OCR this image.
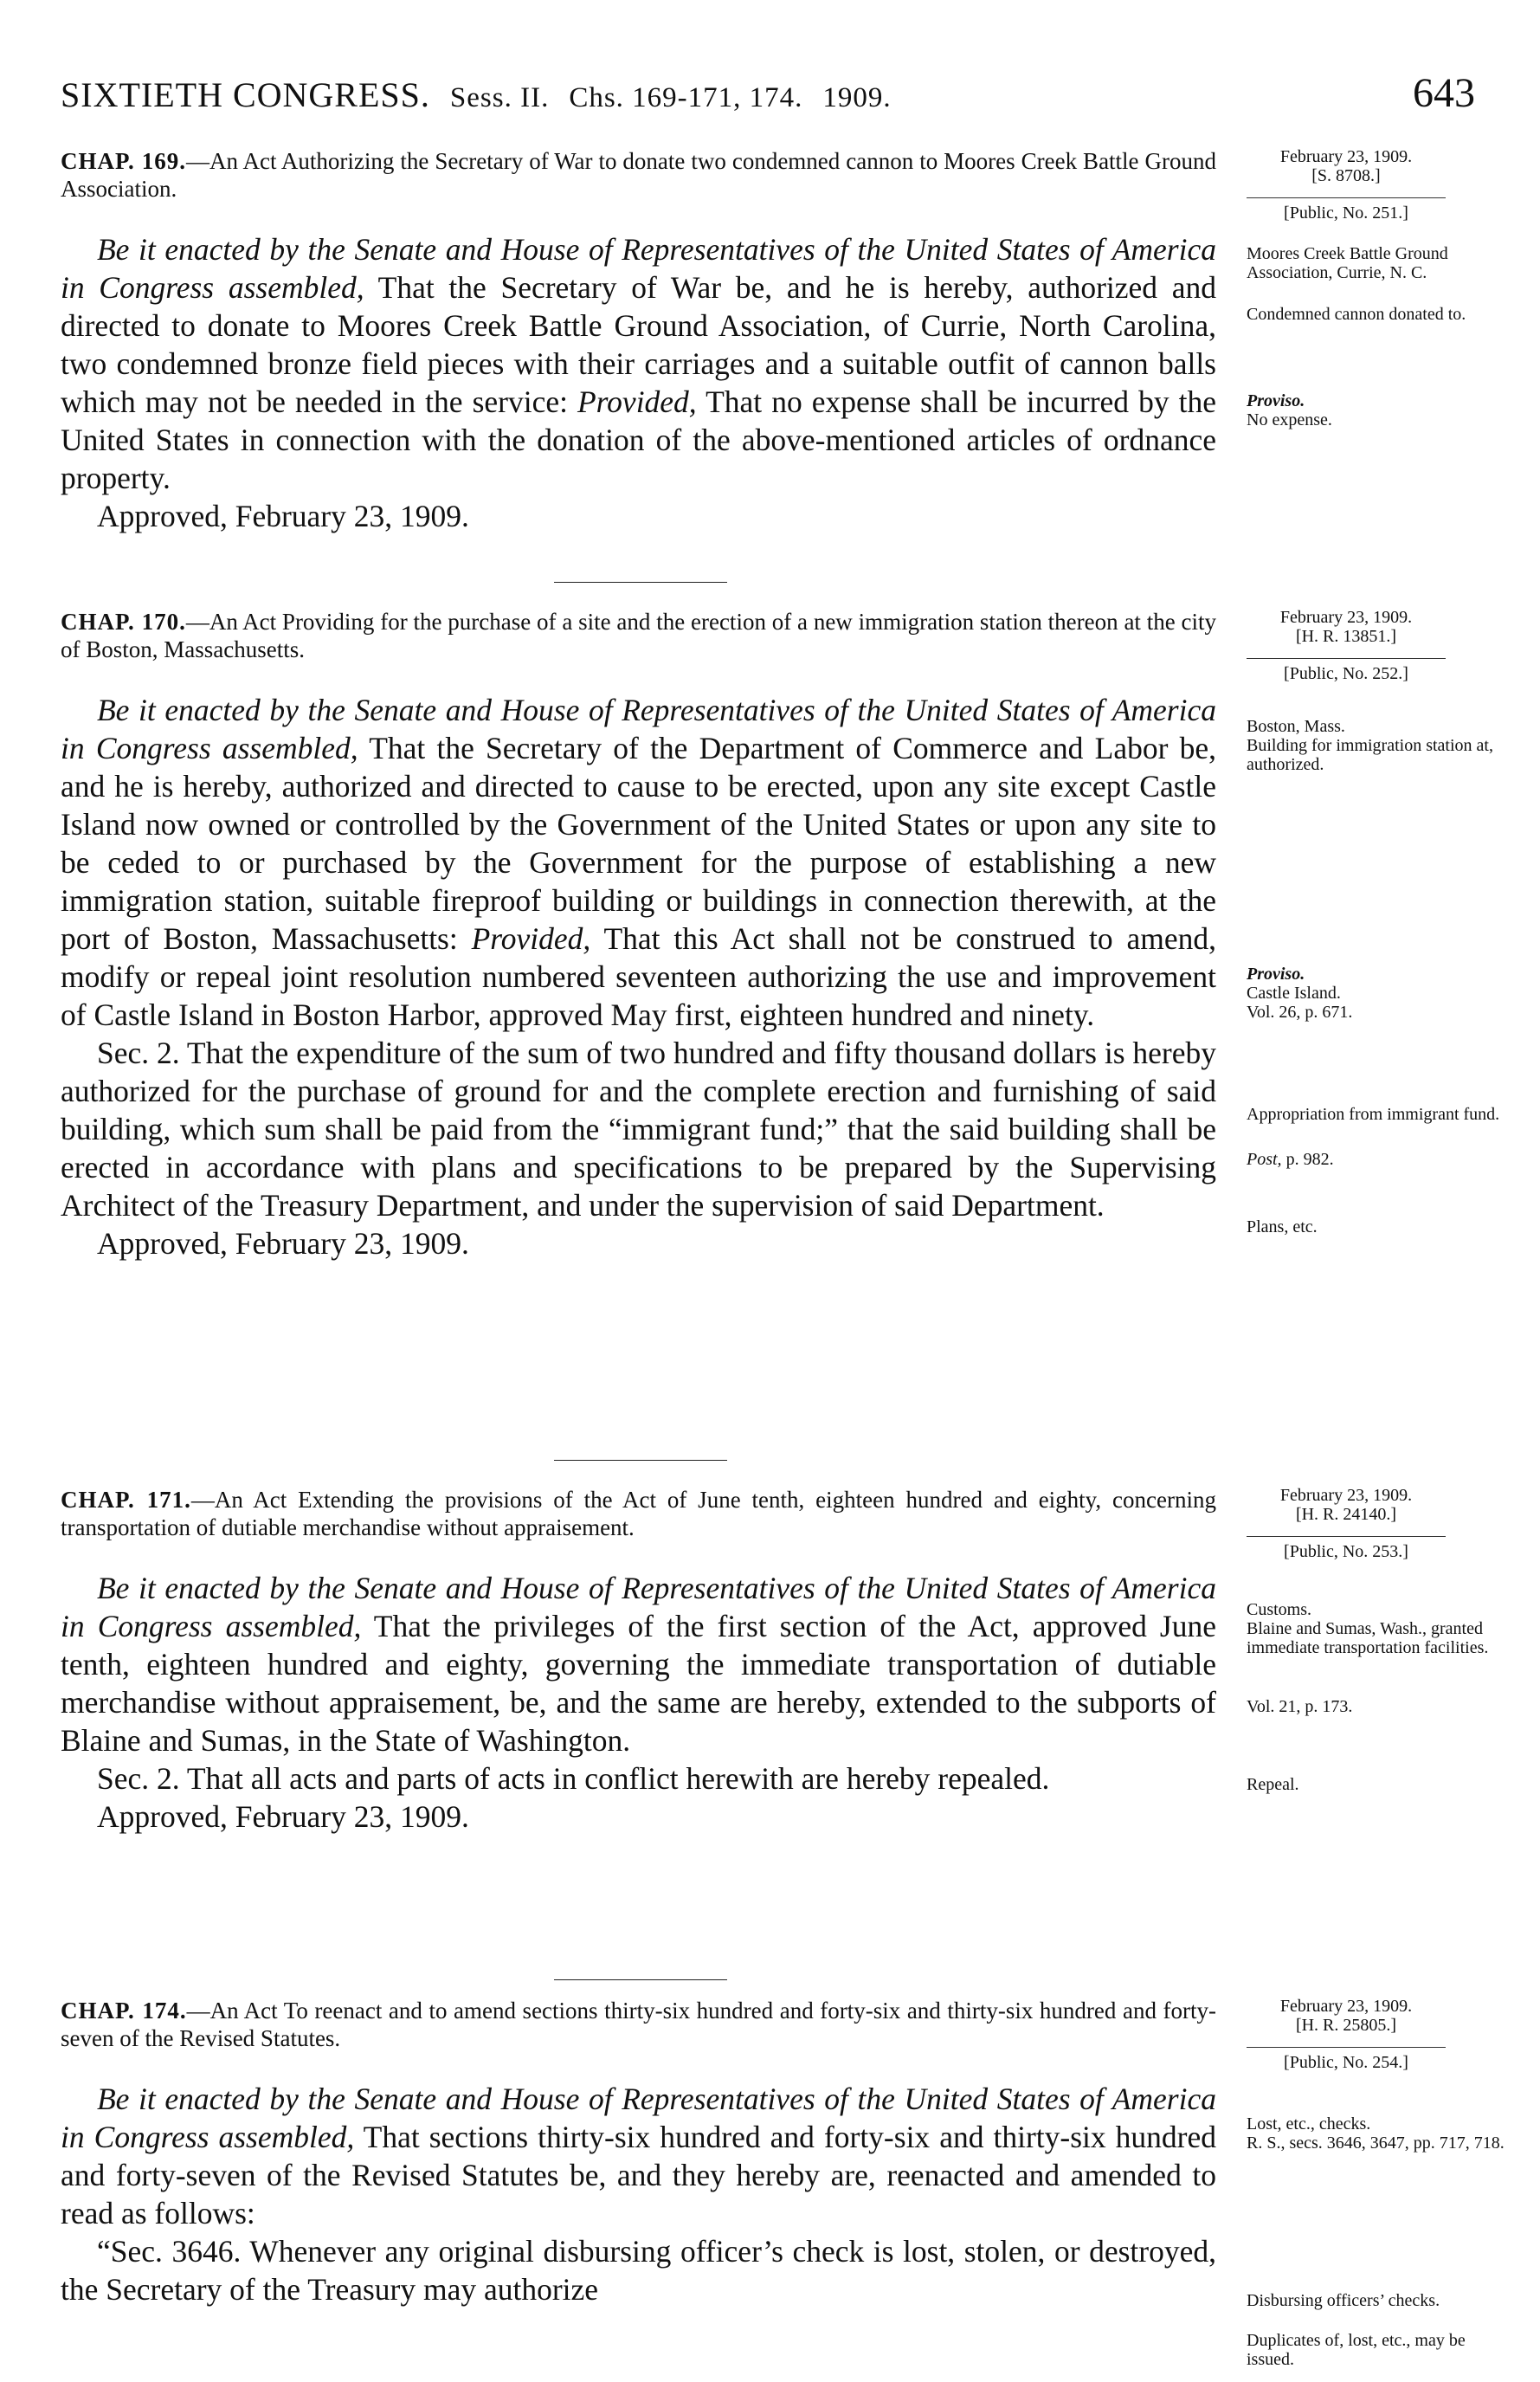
SIXTIETH CONGRESS. Sess. II. Chs. 169-171, 174. 1909.	643

CHAP. 169.—An Act Authorizing the Secretary of War to donate two condemned cannon to Moores Creek Battle Ground Association.

Be it enacted by the Senate and House of Representatives of the United States of America in Congress assembled, That the Secretary of War be, and he is hereby, authorized and directed to donate to Moores Creek Battle Ground Association, of Currie, North Carolina, two condemned bronze field pieces with their carriages and a suitable outfit of cannon balls which may not be needed in the service: Provided, That no expense shall be incurred by the United States in connection with the donation of the above-mentioned articles of ordnance property.

Approved, February 23, 1909.

February 23, 1909.
[S. 8708.]
[Public, No. 251.]
Moores Creek Battle Ground Association, Currie, N. C.
Condemned cannon donated to.
Proviso.
No expense.

CHAP. 170.—An Act Providing for the purchase of a site and the erection of a new immigration station thereon at the city of Boston, Massachusetts.

Be it enacted by the Senate and House of Representatives of the United States of America in Congress assembled, That the Secretary of the Department of Commerce and Labor be, and he is hereby, authorized and directed to cause to be erected, upon any site except Castle Island now owned or controlled by the Government of the United States or upon any site to be ceded to or purchased by the Government for the purpose of establishing a new immigration station, suitable fireproof building or buildings in connection therewith, at the port of Boston, Massachusetts: Provided, That this Act shall not be construed to amend, modify or repeal joint resolution numbered seventeen authorizing the use and improvement of Castle Island in Boston Harbor, approved May first, eighteen hundred and ninety.

Sec. 2. That the expenditure of the sum of two hundred and fifty thousand dollars is hereby authorized for the purchase of ground for and the complete erection and furnishing of said building, which sum shall be paid from the “immigrant fund;” that the said building shall be erected in accordance with plans and specifications to be prepared by the Supervising Architect of the Treasury Department, and under the supervision of said Department.

Approved, February 23, 1909.

February 23, 1909.
[H. R. 13851.]
[Public, No. 252.]
Boston, Mass.
Building for immigration station at, authorized.
Proviso.
Castle Island.
Vol. 26, p. 671.
Appropriation from immigrant fund.
Post, p. 982.
Plans, etc.

CHAP. 171.—An Act Extending the provisions of the Act of June tenth, eighteen hundred and eighty, concerning transportation of dutiable merchandise without appraisement.

Be it enacted by the Senate and House of Representatives of the United States of America in Congress assembled, That the privileges of the first section of the Act, approved June tenth, eighteen hundred and eighty, governing the immediate transportation of dutiable merchandise without appraisement, be, and the same are hereby, extended to the subports of Blaine and Sumas, in the State of Washington.

Sec. 2. That all acts and parts of acts in conflict herewith are hereby repealed.

Approved, February 23, 1909.

February 23, 1909.
[H. R. 24140.]
[Public, No. 253.]
Customs.
Blaine and Sumas, Wash., granted immediate transportation facilities.
Vol. 21, p. 173.
Repeal.

CHAP. 174.—An Act To reenact and to amend sections thirty-six hundred and forty-six and thirty-six hundred and forty-seven of the Revised Statutes.

Be it enacted by the Senate and House of Representatives of the United States of America in Congress assembled, That sections thirty-six hundred and forty-six and thirty-six hundred and forty-seven of the Revised Statutes be, and they hereby are, reenacted and amended to read as follows:

“Sec. 3646. Whenever any original disbursing officer’s check is lost, stolen, or destroyed, the Secretary of the Treasury may authorize

February 23, 1909.
[H. R. 25805.]
[Public, No. 254.]
Lost, etc., checks.
R. S., secs. 3646, 3647, pp. 717, 718.
Disbursing officers’ checks.
Duplicates of, lost, etc., may be issued.
